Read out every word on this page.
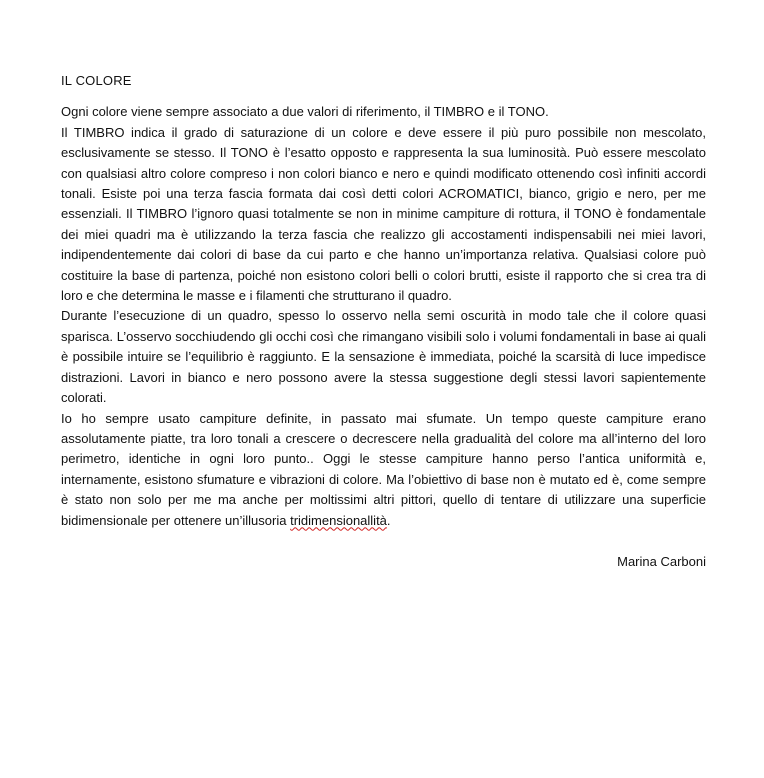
IL COLORE

Ogni colore viene sempre associato a due valori di riferimento, il TIMBRO e il TONO.

Il TIMBRO indica il grado di saturazione di un colore e deve essere il più puro possibile non mescolato, esclusivamente se stesso. Il TONO è l’esatto opposto e rappresenta la sua luminosità. Può essere mescolato con qualsiasi altro colore compreso i non colori bianco e nero e quindi modificato ottenendo così infiniti accordi tonali. Esiste poi una terza fascia formata dai così detti colori ACROMATICI, bianco, grigio e nero, per me essenziali. Il TIMBRO l’ignoro quasi totalmente se non in minime campiture di rottura, il TONO è fondamentale dei miei quadri ma è utilizzando la terza fascia che realizzo gli accostamenti indispensabili nei miei lavori, indipendentemente dai colori di base da cui parto e che hanno un’importanza relativa. Qualsiasi colore può costituire la base di partenza, poiché non esistono colori belli o colori brutti, esiste il rapporto che si crea tra di loro e che determina le masse e i filamenti che strutturano il quadro.

Durante l’esecuzione di un quadro, spesso lo osservo nella semi oscurità in modo tale che il colore quasi sparisca. L’osservo socchiudendo gli occhi così che rimangano visibili solo i volumi fondamentali in base ai quali è possibile intuire se l’equilibrio è raggiunto. E la sensazione è immediata, poiché la scarsità di luce impedisce distrazioni. Lavori in bianco e nero possono avere la stessa suggestione degli stessi lavori sapientemente colorati.

Io ho sempre usato campiture definite, in passato mai sfumate. Un tempo queste campiture erano assolutamente piatte, tra loro tonali a crescere o decrescere nella gradualità del colore ma all’interno del loro perimetro, identiche in ogni loro punto.. Oggi le stesse campiture hanno perso l’antica uniformità e, internamente, esistono sfumature e vibrazioni di colore. Ma l’obiettivo di base non è mutato ed è, come sempre è stato non solo per me ma anche per moltissimi altri pittori, quello di tentare di utilizzare una superficie bidimensionale per ottenere un’illusoria tridimensionallità.

Marina Carboni
